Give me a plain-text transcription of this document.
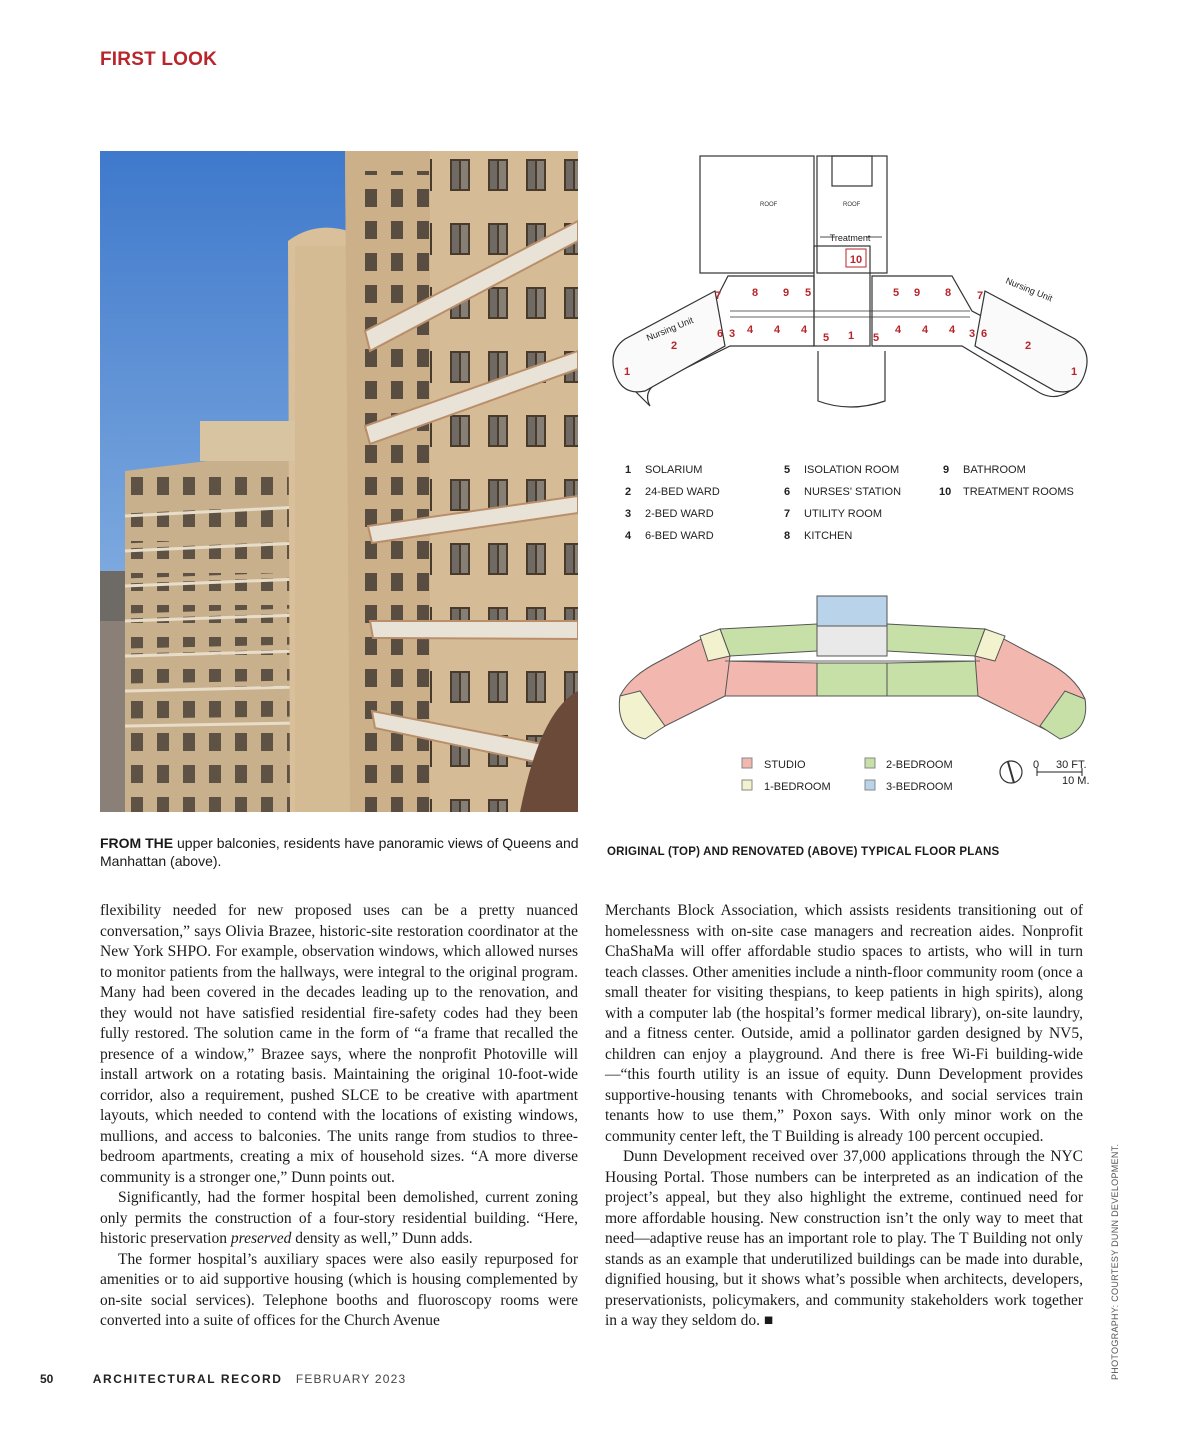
FIRST LOOK
ROOF	ROOF
Treatment
Nursing Unit
Nursing Unit
10
7	8 9 5	5 9 8 7
6 3 4 4 4
5 1 5
4 4 4 3 6
2	2
1	1
1 SOLARIUM
2 24-BED WARD
3 2-BED WARD
4 6-BED WARD
5 ISOLATION ROOM
6 NURSES' STATION
7 UTILITY ROOM
8 KITCHEN
9 BATHROOM
10 TREATMENT ROOMS
STUDIO
1-BEDROOM
2-BEDROOM
3-BEDROOM
0 30 FT.
10 M.
FROM THE upper balconies, residents have panoramic views of Queens and Manhattan (above).
ORIGINAL (TOP) AND RENOVATED (ABOVE) TYPICAL FLOOR PLANS

flexibility needed for new proposed uses can be a pretty nuanced conversation,” says Olivia Brazee, historic-site restoration coordinator at the New York SHPO. For example, observation windows, which allowed nurses to monitor patients from the hallways, were integral to the original program. Many had been covered in the decades leading up to the renovation, and they would not have satisfied residential fire-safety codes had they been fully restored. The solution came in the form of “a frame that recalled the presence of a window,” Brazee says, where the nonprofit Photoville will install artwork on a rotating basis. Maintaining the original 10-foot-wide corridor, also a requirement, pushed SLCE to be creative with apartment layouts, which needed to contend with the locations of existing windows, mullions, and access to balconies. The units range from studios to three-bedroom apartments, creating a mix of household sizes. “A more diverse community is a stronger one,” Dunn points out.

Significantly, had the former hospital been demolished, current zoning only permits the construction of a four-story residential building. “Here, historic preservation preserved density as well,” Dunn adds.

The former hospital’s auxiliary spaces were also easily repurposed for amenities or to aid supportive housing (which is housing complemented by on-site social services). Telephone booths and fluoroscopy rooms were converted into a suite of offices for the Church Avenue

Merchants Block Association, which assists residents transitioning out of homelessness with on-site case managers and recreation aides. Nonprofit ChaShaMa will offer affordable studio spaces to artists, who will in turn teach classes. Other amenities include a ninth-floor community room (once a small theater for visiting thespians, to keep patients in high spirits), along with a computer lab (the hospital’s former medical library), on-site laundry, and a fitness center. Outside, amid a pollinator garden designed by NV5, children can enjoy a playground. And there is free Wi-Fi building-wide—“this fourth utility is an issue of equity. Dunn Development provides supportive-housing tenants with Chromebooks, and social services train tenants how to use them,” Poxon says. With only minor work on the community center left, the T Building is already 100 percent occupied.

Dunn Development received over 37,000 applications through the NYC Housing Portal. Those numbers can be interpreted as an indication of the project’s appeal, but they also highlight the extreme, continued need for more affordable housing. New construction isn’t the only way to meet that need—adaptive reuse has an important role to play. The T Building not only stands as an example that underutilized buildings can be made into durable, dignified housing, but it shows what’s possible when architects, developers, preservationists, policymakers, and community stakeholders work together in a way they seldom do. ■	PHOTOGRAPHY: COURTESY DUNN DEVELOPMENT.
50	ARCHITECTURAL RECORD FEBRUARY 2023
